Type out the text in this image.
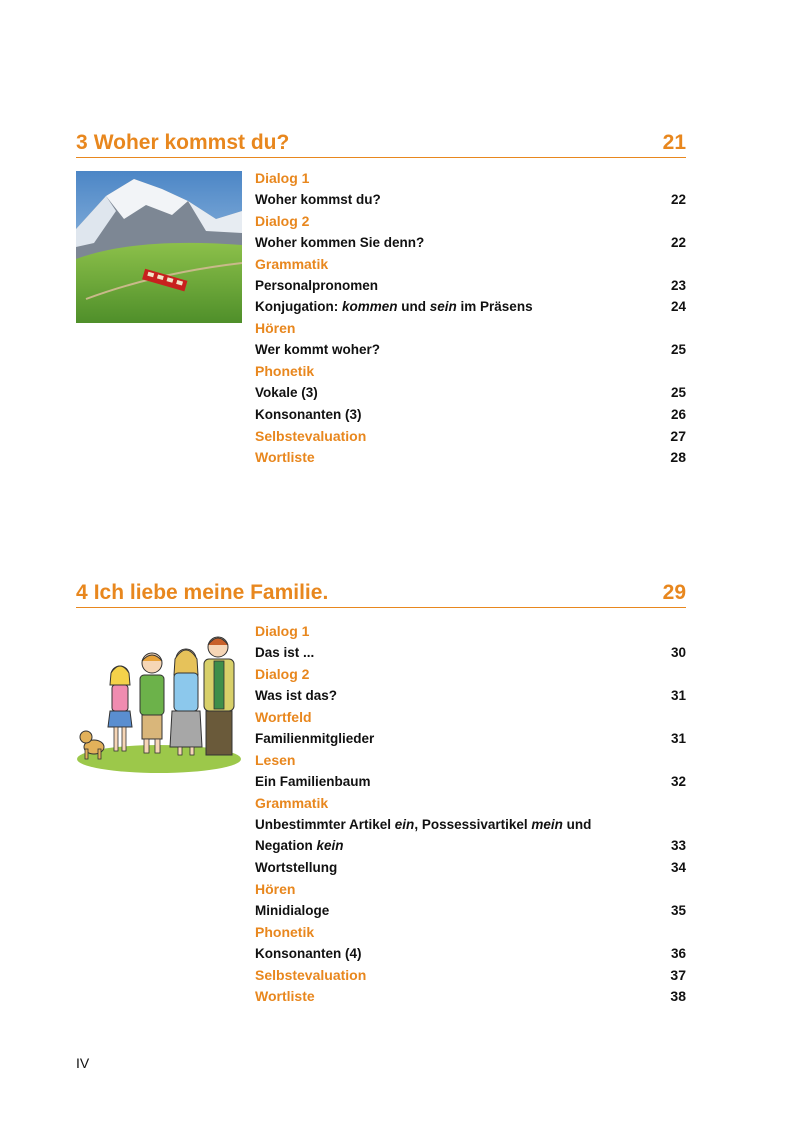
3 Woher kommst du?	21
Dialog 1
Woher kommst du?	22
Dialog 2
Woher kommen Sie denn?	22
Grammatik
Personalpronomen	23
Konjugation: kommen und sein im Präsens	24
Hören
Wer kommt woher?	25
Phonetik
Vokale (3)	25
Konsonanten (3)	26
Selbstevaluation	27
Wortliste	28
4 Ich liebe meine Familie.	29
Dialog 1
Das ist ...	30
Dialog 2
Was ist das?	31
Wortfeld
Familienmitglieder	31
Lesen
Ein Familienbaum	32
Grammatik
Unbestimmter Artikel ein, Possessivartikel mein und
Negation kein	33
Wortstellung	34
Hören
Minidialoge	35
Phonetik
Konsonanten (4)	36
Selbstevaluation	37
Wortliste	38
IV
